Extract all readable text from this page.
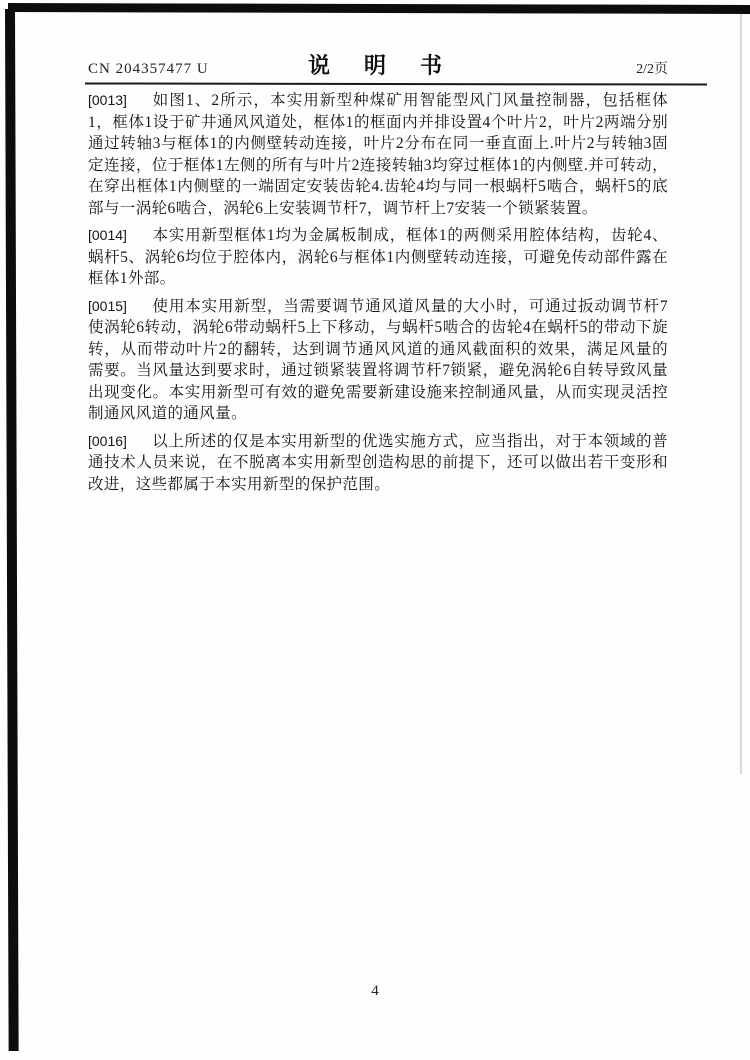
CN 204357477 U	说　明　书	2/2页

[0013] 如图1、2所示，本实用新型种煤矿用智能型风门风量控制器，包括框体1，框体1设于矿井通风风道处，框体1的框面内并排设置4个叶片2，叶片2两端分别通过转轴3与框体1的内侧壁转动连接，叶片2分布在同一垂直面上.叶片2与转轴3固定连接，位于框体1左侧的所有与叶片2连接转轴3均穿过框体1的内侧壁.并可转动，在穿出框体1内侧壁的一端固定安装齿轮4.齿轮4均与同一根蜗杆5啮合，蜗杆5的底部与一涡轮6啮合，涡轮6上安装调节杆7，调节杆上7安装一个锁紧装置。

[0014] 本实用新型框体1均为金属板制成，框体1的两侧采用腔体结构，齿轮4、蜗杆5、涡轮6均位于腔体内，涡轮6与框体1内侧壁转动连接，可避免传动部件露在框体1外部。

[0015] 使用本实用新型，当需要调节通风道风量的大小时，可通过扳动调节杆7使涡轮6转动，涡轮6带动蜗杆5上下移动，与蜗杆5啮合的齿轮4在蜗杆5的带动下旋转，从而带动叶片2的翻转，达到调节通风风道的通风截面积的效果，满足风量的需要。当风量达到要求时，通过锁紧装置将调节杆7锁紧，避免涡轮6自转导致风量出现变化。本实用新型可有效的避免需要新建设施来控制通风量，从而实现灵活控制通风风道的通风量。

[0016] 以上所述的仅是本实用新型的优选实施方式，应当指出，对于本领域的普通技术人员来说，在不脱离本实用新型创造构思的前提下，还可以做出若干变形和改进，这些都属于本实用新型的保护范围。

4
